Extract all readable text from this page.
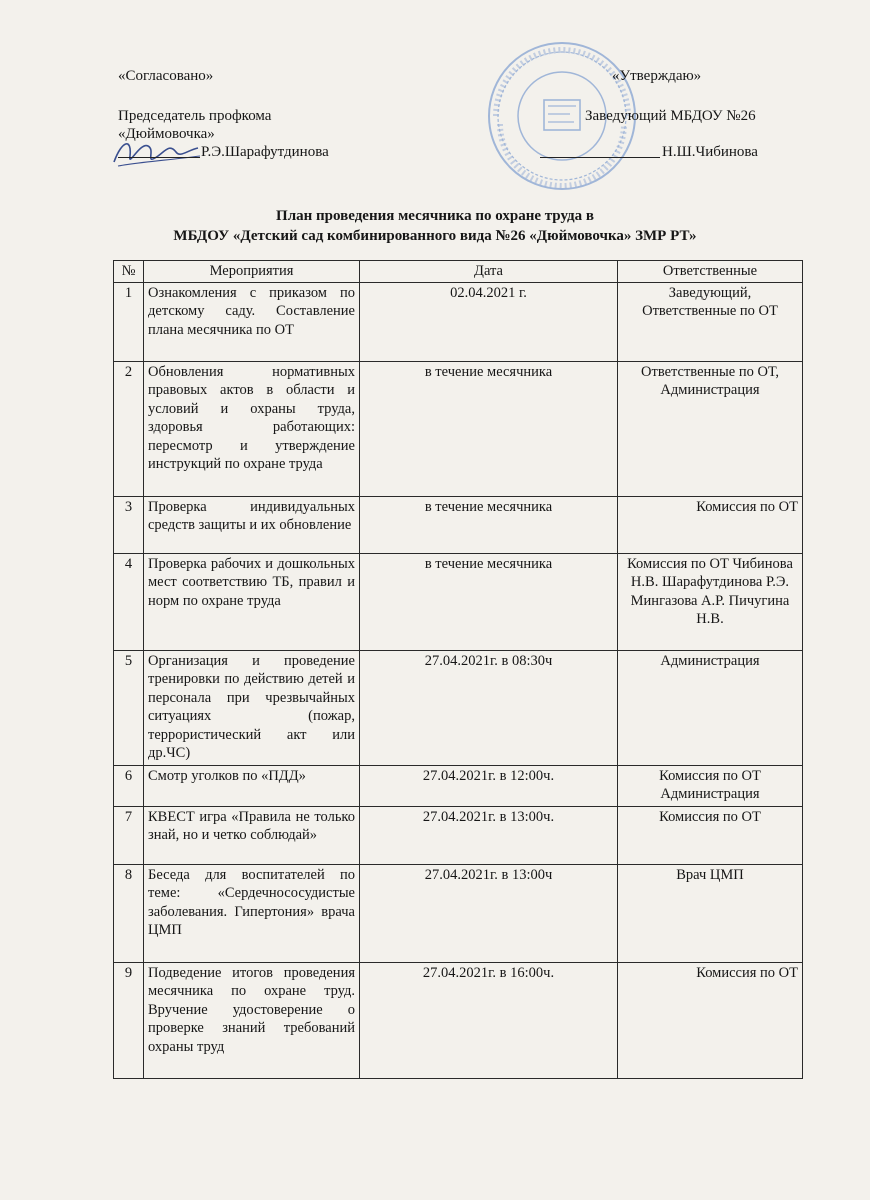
«Согласовано»
Председатель профкома
«Дюймовочка»
Р.Э.Шарафутдинова
«Утверждаю»
Заведующий МБДОУ №26
Н.Ш.Чибинова
План проведения месячника по охране труда в
МБДОУ «Детский сад комбинированного вида №26 «Дюймовочка» ЗМР РТ»
№	Мероприятия	Дата	Ответственные
1	Ознакомления с приказом по детскому саду. Составление плана месячника по ОТ	02.04.2021 г.	Заведующий, Ответственные по ОТ
2	Обновления нормативных правовых актов в области и условий и охраны труда, здоровья работающих: пересмотр и утверждение инструкций по охране труда	в течение месячника	Ответственные по ОТ, Администрация
3	Проверка индивидуальных средств защиты и их обновление	в течение месячника	Комиссия по ОТ
4	Проверка рабочих и дошкольных мест соответствию ТБ, правил и норм по охране труда	в течение месячника	Комиссия по ОТ Чибинова Н.В. Шарафутдинова Р.Э. Мингазова А.Р. Пичугина Н.В.
5	Организация и проведение тренировки по действию детей и персонала при чрезвычайных ситуациях (пожар, террористический акт или др.ЧС)	27.04.2021г. в 08:30ч	Администрация
6	Смотр уголков по «ПДД»	27.04.2021г. в 12:00ч.	Комиссия по ОТ Администрация
7	КВЕСТ игра «Правила не только знай, но и четко соблюдай»	27.04.2021г. в 13:00ч.	Комиссия по ОТ
8	Беседа для воспитателей по теме: «Сердечнососудистые заболевания. Гипертония» врача ЦМП	27.04.2021г. в 13:00ч	Врач ЦМП
9	Подведение итогов проведения месячника по охране труд. Вручение удостоверение о проверке знаний требований охраны труд	27.04.2021г. в 16:00ч.	Комиссия по ОТ
